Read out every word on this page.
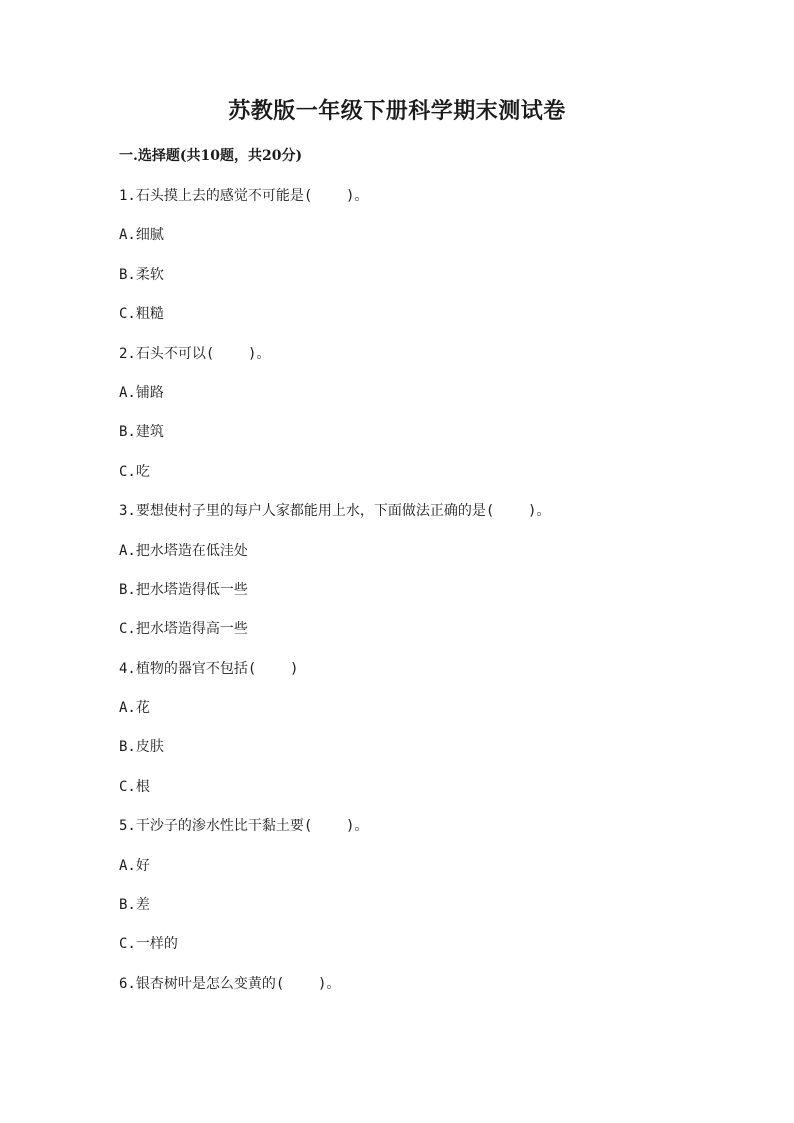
苏教版一年级下册科学期末测试卷
一.选择题(共10题，共20分)
1.石头摸上去的感觉不可能是(    )。
A.细腻
B.柔软
C.粗糙
2.石头不可以(    )。
A.铺路
B.建筑
C.吃
3.要想使村子里的每户人家都能用上水，下面做法正确的是(    )。
A.把水塔造在低洼处
B.把水塔造得低一些
C.把水塔造得高一些
4.植物的器官不包括(    )
A.花
B.皮肤
C.根
5.干沙子的渗水性比干黏土要(    )。
A.好
B.差
C.一样的
6.银杏树叶是怎么变黄的(    )。
